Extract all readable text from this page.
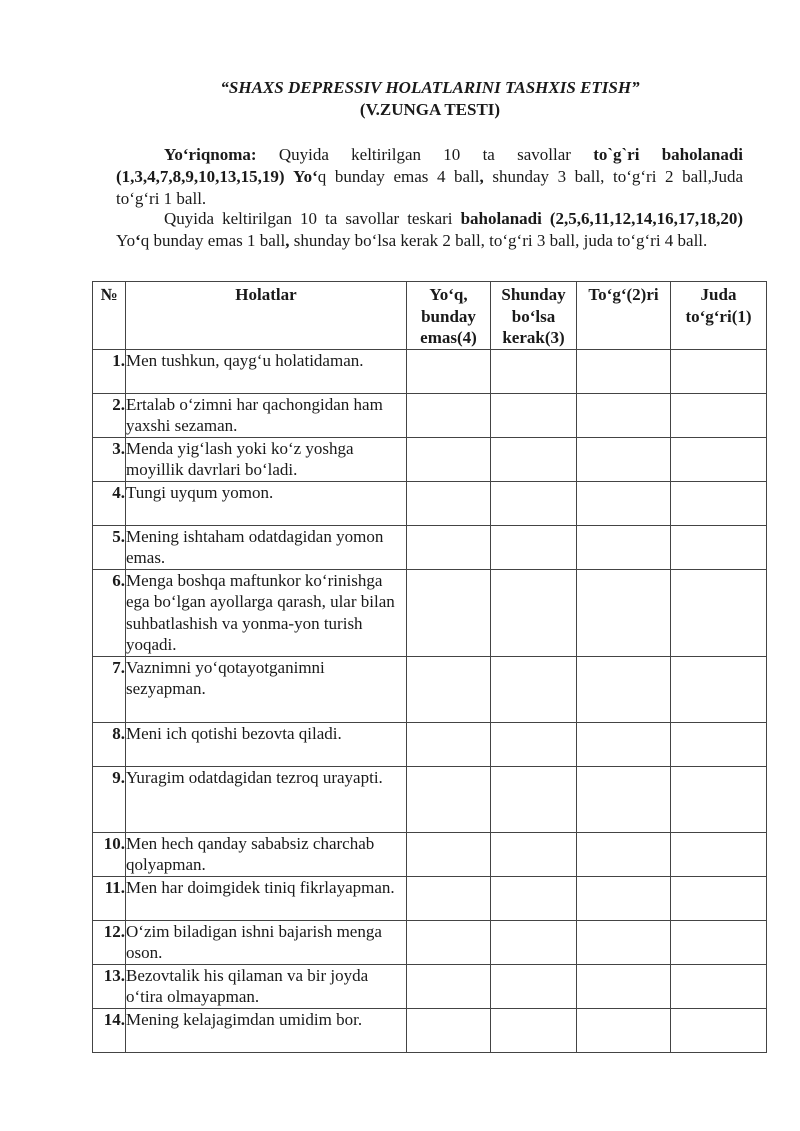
“SHAXS DEPRESSIV HOLATLARINI TASHXIS ETISH”
(V.ZUNGA TESTI)
Yo‘riqnoma: Quyida keltirilgan 10 ta savollar to`g`ri baholanadi (1,3,4,7,8,9,10,13,15,19) Yo‘q bunday emas 4 ball, shunday 3 ball, to‘g‘ri 2 ball,Juda to‘g‘ri 1 ball.
Quyida keltirilgan 10 ta savollar teskari baholanadi (2,5,6,11,12,14,16,17,18,20) Yo‘q bunday emas 1 ball, shunday bo‘lsa kerak 2 ball, to‘g‘ri 3 ball, juda to‘g‘ri 4 ball.
№	Holatlar	Yo‘q, bunday emas(4)	Shunday bo‘lsa kerak(3)	To‘g‘(2)ri	Juda to‘g‘ri(1)
1.	Men tushkun, qayg‘u holatidaman.				
2.	Ertalab o‘zimni har qachongidan ham yaxshi sezaman.				
3.	Menda yig‘lash yoki ko‘z yoshga moyillik davrlari bo‘ladi.				
4.	Tungi uyqum yomon.				
5.	Mening ishtaham odatdagidan yomon emas.				
6.	Menga boshqa maftunkor ko‘rinishga ega bo‘lgan ayollarga qarash, ular bilan suhbatlashish va yonma-yon turish yoqadi.				
7.	Vaznimni yo‘qotayotganimni sezyapman.				
8.	Meni ich qotishi bezovta qiladi.				
9.	Yuragim odatdagidan tezroq urayapti.				
10.	Men hech qanday sababsiz charchab qolyapman.				
11.	Men har doimgidek tiniq fikrlayapman.				
12.	O‘zim biladigan ishni bajarish menga oson.				
13.	Bezovtalik his qilaman va bir joyda o‘tira olmayapman.				
14.	Mening kelajagimdan umidim bor.				
